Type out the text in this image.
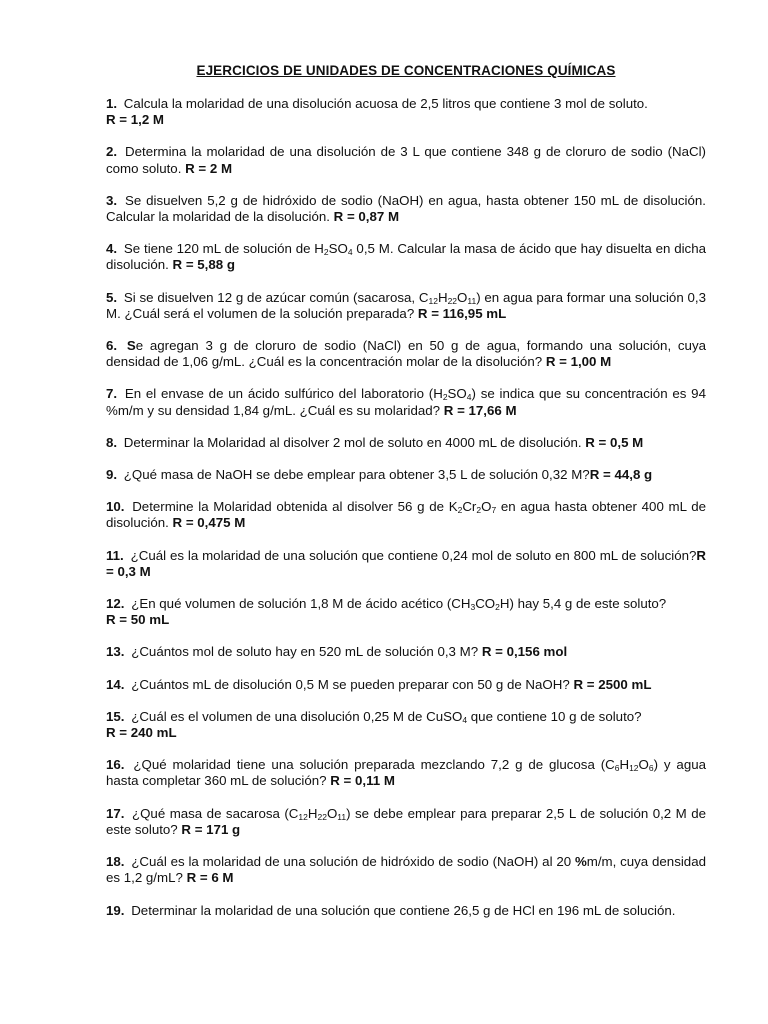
EJERCICIOS DE UNIDADES DE CONCENTRACIONES QUÍMICAS
1. Calcula la molaridad de una disolución acuosa de 2,5 litros que contiene 3 mol de soluto.
R = 1,2 M
2. Determina la molaridad de una disolución de 3 L que contiene 348 g de cloruro de sodio (NaCl) como soluto. R = 2 M
3. Se disuelven 5,2 g de hidróxido de sodio (NaOH) en agua, hasta obtener 150 mL de disolución. Calcular la molaridad de la disolución. R = 0,87 M
4. Se tiene 120 mL de solución de $H_2SO_4$ 0,5 M. Calcular la masa de ácido que hay disuelta en dicha disolución. R = 5,88 g
5. Si se disuelven 12 g de azúcar común (sacarosa, $C_{12}H_{22}O_{11}$) en agua para formar una solución 0,3 M. ¿Cuál será el volumen de la solución preparada? R = 116,95 mL
6. Se agregan 3 g de cloruro de sodio (NaCl) en 50 g de agua, formando una solución, cuya densidad de 1,06 g/mL. ¿Cuál es la concentración molar de la disolución? R = 1,00 M
7. En el envase de un ácido sulfúrico del laboratorio $(H_2SO_4)$ se indica que su concentración es 94 %m/m y su densidad 1,84 g/mL. ¿Cuál es su molaridad? R = 17,66 M
8. Determinar la Molaridad al disolver 2 mol de soluto en 4000 mL de disolución. R = 0,5 M
9. ¿Qué masa de NaOH se debe emplear para obtener 3,5 L de solución 0,32 M?R = 44,8 g
10. Determine la Molaridad obtenida al disolver 56 g de $K_2Cr_2O_7$ en agua hasta obtener 400 mL de disolución. R = 0,475 M
11. ¿Cuál es la molaridad de una solución que contiene 0,24 mol de soluto en 800 mL de solución?R = 0,3 M
12. ¿En qué volumen de solución 1,8 M de ácido acético $(CH_3CO_2H)$ hay 5,4 g de este soluto?
R = 50 mL
13. ¿Cuántos mol de soluto hay en 520 mL de solución 0,3 M? R = 0,156 mol
14. ¿Cuántos mL de disolución 0,5 M se pueden preparar con 50 g de NaOH? R = 2500 mL
15. ¿Cuál es el volumen de una disolución 0,25 M de CuSO$_4$ que contiene 10 g de soluto?
R = 240 mL
16. ¿Qué molaridad tiene una solución preparada mezclando 7,2 g de glucosa $(C_6H_{12}O_6)$ y agua hasta completar 360 mL de solución? R = 0,11 M
17. ¿Qué masa de sacarosa $(C_{12}H_{22}O_{11})$ se debe emplear para preparar 2,5 L de solución 0,2 M de este soluto? R = 171 g
18. ¿Cuál es la molaridad de una solución de hidróxido de sodio (NaOH) al 20 %m/m, cuya densidad es 1,2 g/mL? R = 6 M
19. Determinar la molaridad de una solución que contiene 26,5 g de HCl en 196 mL de solución.
